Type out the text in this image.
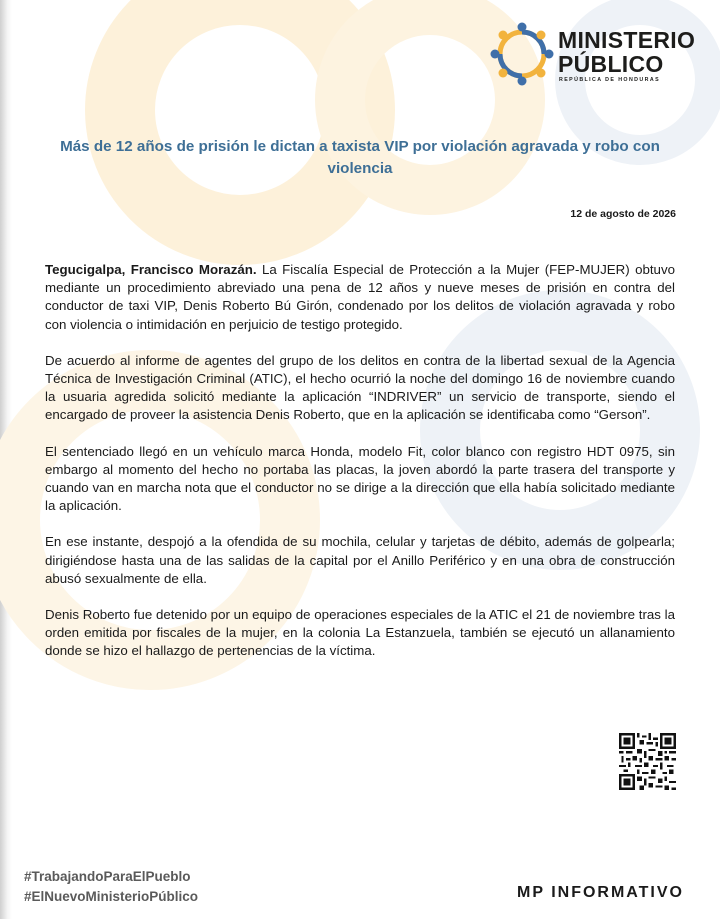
MINISTERIO
PÚBLICO
REPÚBLICA DE HONDURAS
Más de 12 años de prisión le dictan a taxista VIP por violación agravada y robo con violencia
12 de agosto de 2026

Tegucigalpa, Francisco Morazán. La Fiscalía Especial de Protección a la Mujer (FEP-MUJER) obtuvo mediante un procedimiento abreviado una pena de 12 años y nueve meses de prisión en contra del conductor de taxi VIP, Denis Roberto Bú Girón, condenado por los delitos de violación agravada y robo con violencia o intimidación en perjuicio de testigo protegido.

De acuerdo al informe de agentes del grupo de los delitos en contra de la libertad sexual de la Agencia Técnica de Investigación Criminal (ATIC), el hecho ocurrió la noche del domingo 16 de noviembre cuando la usuaria agredida solicitó mediante la aplicación “INDRIVER” un servicio de transporte, siendo el encargado de proveer la asistencia Denis Roberto, que en la aplicación se identificaba como “Gerson”.

El sentenciado llegó en un vehículo marca Honda, modelo Fit, color blanco con registro HDT 0975, sin embargo al momento del hecho no portaba las placas, la joven abordó la parte trasera del transporte y cuando van en marcha nota que el conductor no se dirige a la dirección que ella había solicitado mediante la aplicación.

En ese instante, despojó a la ofendida de su mochila, celular y tarjetas de débito, además de golpearla; dirigiéndose hasta una de las salidas de la capital por el Anillo Periférico y en una obra de construcción abusó sexualmente de ella.

Denis Roberto fue detenido por un equipo de operaciones especiales de la ATIC el 21 de noviembre tras la orden emitida por fiscales de la mujer, en la colonia La Estanzuela, también se ejecutó un allanamiento donde se hizo el hallazgo de pertenencias de la víctima.

#TrabajandoParaElPueblo
#ElNuevoMinisterioPúblico	MP INFORMATIVO
